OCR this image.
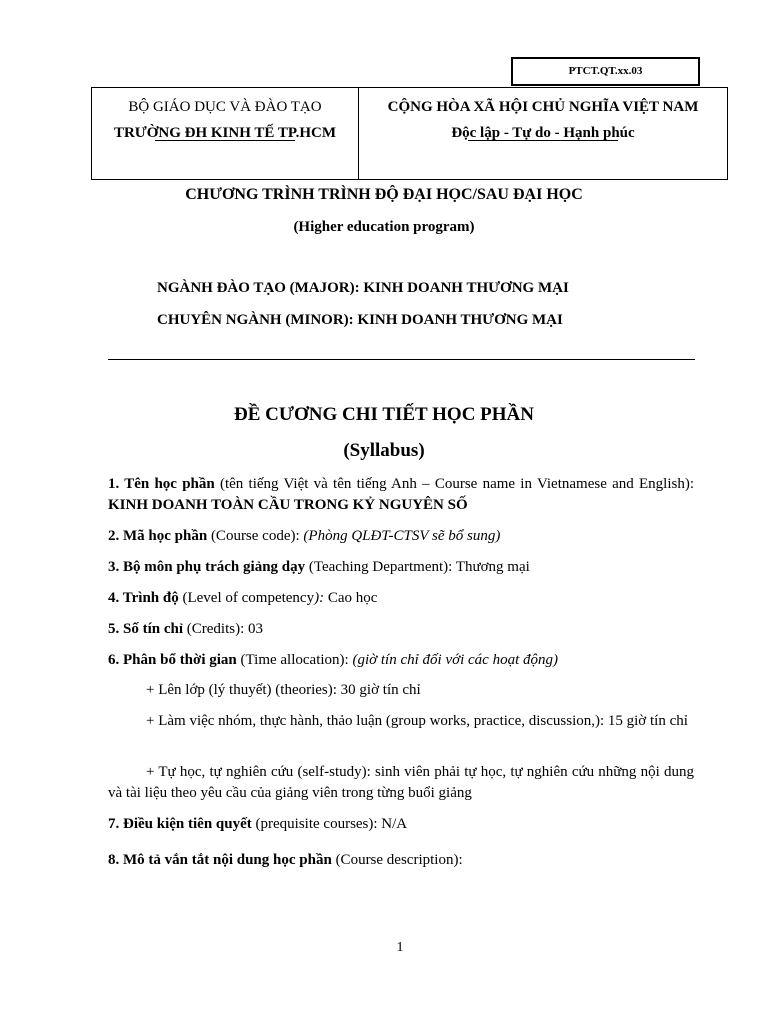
PTCT.QT.xx.03
BỘ GIÁO DỤC VÀ ĐÀO TẠO
TRƯỜNG ĐH KINH TẾ TP.HCM
CỘNG HÒA XÃ HỘI CHỦ NGHĨA VIỆT NAM
Độc lập - Tự do - Hạnh phúc
CHƯƠNG TRÌNH TRÌNH ĐỘ ĐẠI HỌC/SAU ĐẠI HỌC
(Higher education program)
NGÀNH ĐÀO TẠO (MAJOR): KINH DOANH THƯƠNG MẠI
CHUYÊN NGÀNH (MINOR): KINH DOANH THƯƠNG MẠI
ĐỀ CƯƠNG CHI TIẾT HỌC PHẦN
(Syllabus)
1. Tên học phần (tên tiếng Việt và tên tiếng Anh – Course name in Vietnamese and English): KINH DOANH TOÀN CẦU TRONG KỶ NGUYÊN SỐ
2. Mã học phần (Course code): (Phòng QLĐT-CTSV sẽ bổ sung)
3. Bộ môn phụ trách giảng dạy (Teaching Department): Thương mại
4. Trình độ (Level of competency): Cao học
5. Số tín chỉ (Credits): 03
6. Phân bổ thời gian (Time allocation): (giờ tín chỉ đối với các hoạt động)
+ Lên lớp (lý thuyết) (theories): 30 giờ tín chỉ
+ Làm việc nhóm, thực hành, thảo luận (group works, practice, discussion,): 15 giờ tín chỉ
+ Tự học, tự nghiên cứu (self-study): sinh viên phải tự học, tự nghiên cứu những nội dung và tài liệu theo yêu cầu của giảng viên trong từng buổi giảng
7. Điều kiện tiên quyết (prequisite courses): N/A
8. Mô tả vắn tắt nội dung học phần (Course description):
1
